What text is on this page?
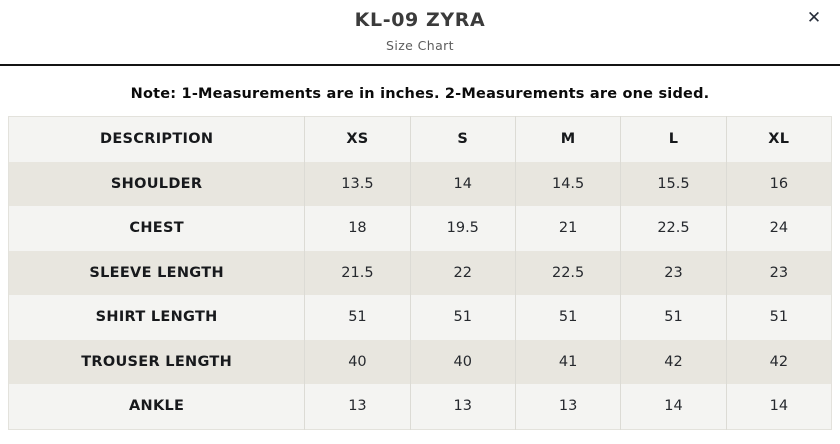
KL-09 ZYRA
Size Chart
✕
Note: 1-Measurements are in inches. 2-Measurements are one sided.
DESCRIPTION	XS	S	M	L	XL
SHOULDER	13.5	14	14.5	15.5	16
CHEST	18	19.5	21	22.5	24
SLEEVE LENGTH	21.5	22	22.5	23	23
SHIRT LENGTH	51	51	51	51	51
TROUSER LENGTH	40	40	41	42	42
ANKLE	13	13	13	14	14
